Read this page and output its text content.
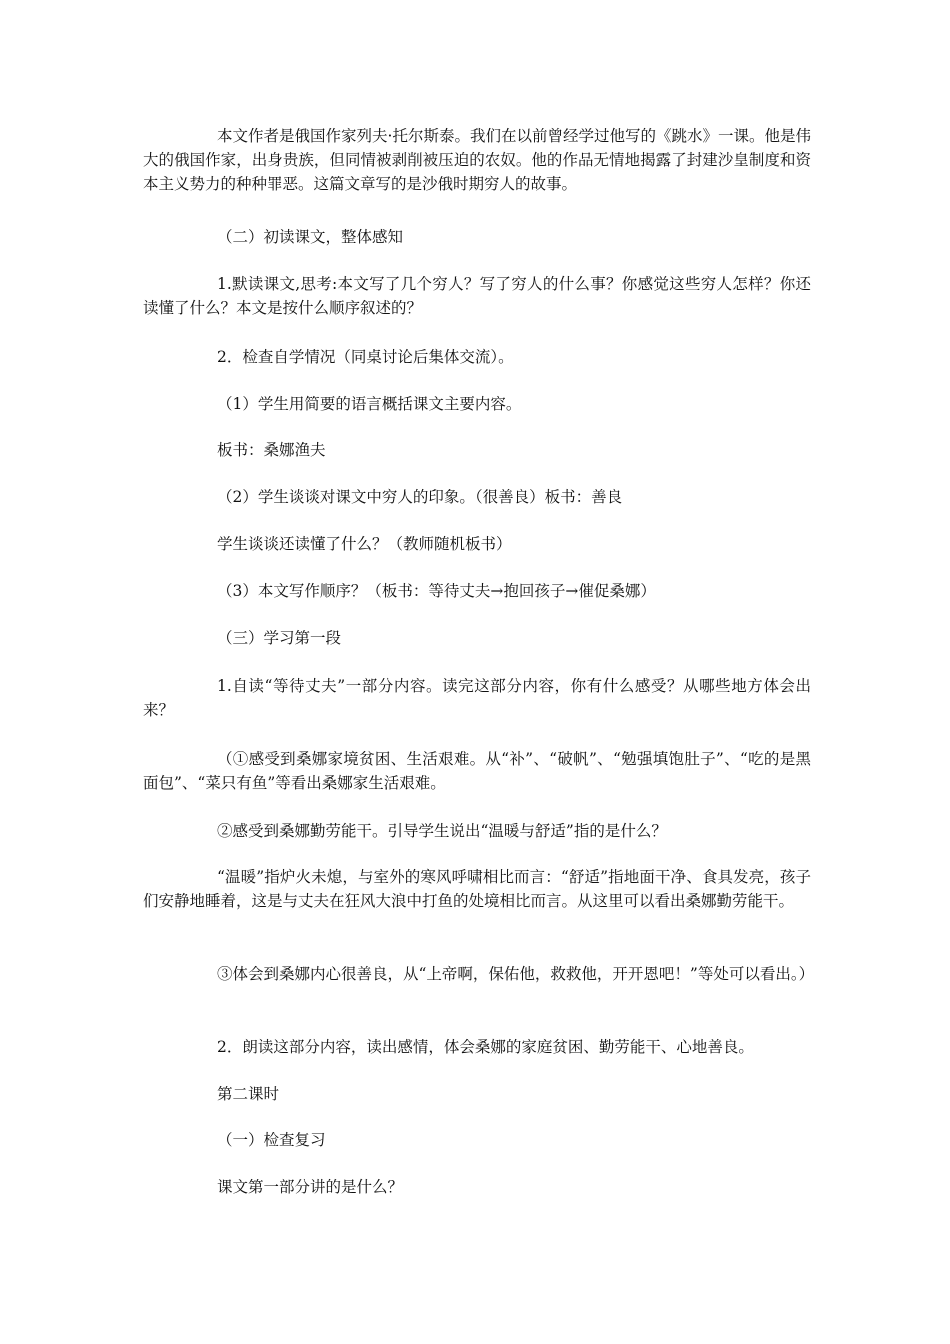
本文作者是俄国作家列夫·托尔斯泰。我们在以前曾经学过他写的《跳水》一课。他是伟大的俄国作家，出身贵族，但同情被剥削被压迫的农奴。他的作品无情地揭露了封建沙皇制度和资本主义势力的种种罪恶。这篇文章写的是沙俄时期穷人的故事。

（二）初读课文，整体感知

1.默读课文,思考:本文写了几个穷人？写了穷人的什么事？你感觉这些穷人怎样？你还读懂了什么？本文是按什么顺序叙述的？

2．检查自学情况（同桌讨论后集体交流）。

（1）学生用简要的语言概括课文主要内容。

板书：桑娜渔夫

（2）学生谈谈对课文中穷人的印象。（很善良）板书：善良

学生谈谈还读懂了什么？（教师随机板书）

（3）本文写作顺序？（板书：等待丈夫→抱回孩子→催促桑娜）

（三）学习第一段

1.自读“等待丈夫”一部分内容。读完这部分内容，你有什么感受？从哪些地方体会出来？

（①感受到桑娜家境贫困、生活艰难。从“补”、“破帆”、“勉强填饱肚子”、“吃的是黑面包”、“菜只有鱼”等看出桑娜家生活艰难。

②感受到桑娜勤劳能干。引导学生说出“温暖与舒适”指的是什么？

“温暖”指炉火未熄，与室外的寒风呼啸相比而言：“舒适”指地面干净、食具发亮，孩子们安静地睡着，这是与丈夫在狂风大浪中打鱼的处境相比而言。从这里可以看出桑娜勤劳能干。

③体会到桑娜内心很善良，从“上帝啊，保佑他，救救他，开开恩吧！”等处可以看出。）

2．朗读这部分内容，读出感情，体会桑娜的家庭贫困、勤劳能干、心地善良。

第二课时

（一）检查复习

课文第一部分讲的是什么？
